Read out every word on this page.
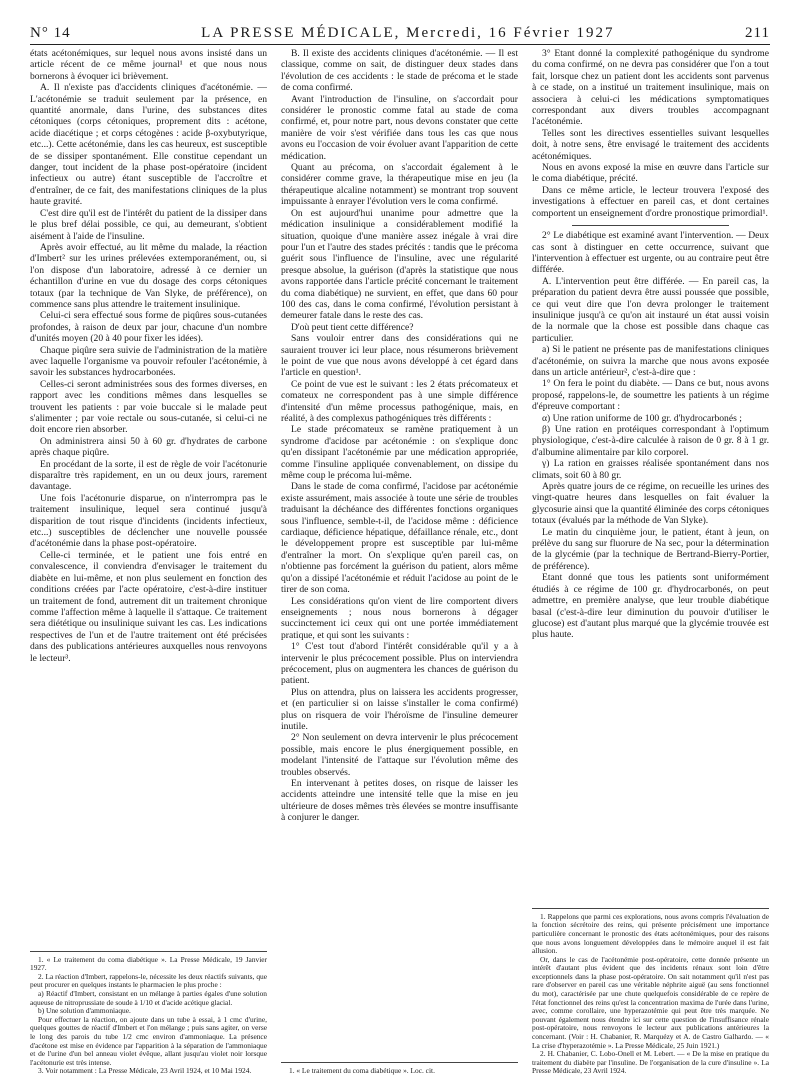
N° 14	LA PRESSE MÉDICALE, Mercredi, 16 Février 1927	211

états acétonémiques, sur lequel nous avons insisté dans un article récent de ce même journal¹ et que nous nous bornerons à évoquer ici brièvement.

A. Il n'existe pas d'accidents cliniques d'acétonémie. — L'acétonémie se traduit seulement par la présence, en quantité anormale, dans l'urine, des substances dites cétoniques (corps cétoniques, proprement dits : acétone, acide diacétique ; et corps cétogènes : acide β-oxybutyrique, etc...). Cette acétonémie, dans les cas heureux, est susceptible de se dissiper spontanément. Elle constitue cependant un danger, tout incident de la phase post-opératoire (incident infectieux ou autre) étant susceptible de l'accroître et d'entraîner, de ce fait, des manifestations cliniques de la plus haute gravité.

C'est dire qu'il est de l'intérêt du patient de la dissiper dans le plus bref délai possible, ce qui, au demeurant, s'obtient aisément à l'aide de l'insuline.

Après avoir effectué, au lit même du malade, la réaction d'Imbert² sur les urines prélevées extemporanément, ou, si l'on dispose d'un laboratoire, adressé à ce dernier un échantillon d'urine en vue du dosage des corps cétoniques totaux (par la technique de Van Slyke, de préférence), on commence sans plus attendre le traitement insulinique.

Celui-ci sera effectué sous forme de piqûres sous-cutanées profondes, à raison de deux par jour, chacune d'un nombre d'unités moyen (20 à 40 pour fixer les idées).

Chaque piqûre sera suivie de l'administration de la matière avec laquelle l'organisme va pouvoir refouler l'acétonémie, à savoir les substances hydrocarbonées.

Celles-ci seront administrées sous des formes diverses, en rapport avec les conditions mêmes dans lesquelles se trouvent les patients : par voie buccale si le malade peut s'alimenter ; par voie rectale ou sous-cutanée, si celui-ci ne doit encore rien absorber.

On administrera ainsi 50 à 60 gr. d'hydrates de carbone après chaque piqûre.

En procédant de la sorte, il est de règle de voir l'acétonurie disparaître très rapidement, en un ou deux jours, rarement davantage.

Une fois l'acétonurie disparue, on n'interrompra pas le traitement insulinique, lequel sera continué jusqu'à disparition de tout risque d'incidents (incidents infectieux, etc...) susceptibles de déclencher une nouvelle poussée d'acétonémie dans la phase post-opératoire.

Celle-ci terminée, et le patient une fois entré en convalescence, il conviendra d'envisager le traitement du diabète en lui-même, et non plus seulement en fonction des conditions créées par l'acte opératoire, c'est-à-dire instituer un traitement de fond, autrement dit un traitement chronique comme l'affection même à laquelle il s'attaque. Ce traitement sera diététique ou insulinique suivant les cas. Les indications respectives de l'un et de l'autre traitement ont été précisées dans des publications antérieures auxquelles nous renvoyons le lecteur³.

1. « Le traitement du coma diabétique ». La Presse Médicale, 19 Janvier 1927.

2. La réaction d'Imbert, rappelons-le, nécessite les deux réactifs suivants, que peut procurer en quelques instants le pharmacien le plus proche :

a) Réactif d'Imbert, consistant en un mélange à parties égales d'une solution aqueuse de nitroprussiate de soude à 1/10 et d'acide acétique glacial.

b) Une solution d'ammoniaque.

Pour effectuer la réaction, on ajoute dans un tube à essai, à 1 cmc d'urine, quelques gouttes de réactif d'Imbert et l'on mélange ; puis sans agiter, on verse le long des parois du tube 1/2 cmc environ d'ammoniaque. La présence d'acétone est mise en évidence par l'apparition à la séparation de l'ammoniaque et de l'urine d'un bel anneau violet évêque, allant jusqu'au violet noir lorsque l'acétonurie est très intense.

3. Voir notamment : La Presse Médicale, 23 Avril 1924, et 10 Mai 1924.

B. Il existe des accidents cliniques d'acétonémie. — Il est classique, comme on sait, de distinguer deux stades dans l'évolution de ces accidents : le stade de précoma et le stade de coma confirmé.

Avant l'introduction de l'insuline, on s'accordait pour considérer le pronostic comme fatal au stade de coma confirmé, et, pour notre part, nous devons constater que cette manière de voir s'est vérifiée dans tous les cas que nous avons eu l'occasion de voir évoluer avant l'apparition de cette médication.

Quant au précoma, on s'accordait également à le considérer comme grave, la thérapeutique mise en jeu (la thérapeutique alcaline notamment) se montrant trop souvent impuissante à enrayer l'évolution vers le coma confirmé.

On est aujourd'hui unanime pour admettre que la médication insulinique a considérablement modifié la situation, quoique d'une manière assez inégale à vrai dire pour l'un et l'autre des stades précités : tandis que le précoma guérit sous l'influence de l'insuline, avec une régularité presque absolue, la guérison (d'après la statistique que nous avons rapportée dans l'article précité concernant le traitement du coma diabétique) ne survient, en effet, que dans 60 pour 100 des cas, dans le coma confirmé, l'évolution persistant à demeurer fatale dans le reste des cas.

D'où peut tient cette différence?

Sans vouloir entrer dans des considérations qui ne sauraient trouver ici leur place, nous résumerons brièvement le point de vue que nous avons développé à cet égard dans l'article en question¹.

Ce point de vue est le suivant : les 2 états précomateux et comateux ne correspondent pas à une simple différence d'intensité d'un même processus pathogénique, mais, en réalité, à des complexus pathogéniques très différents :

Le stade précomateux se ramène pratiquement à un syndrome d'acidose par acétonémie : on s'explique donc qu'en dissipant l'acétonémie par une médication appropriée, comme l'insuline appliquée convenablement, on dissipe du même coup le précoma lui-même.

Dans le stade de coma confirmé, l'acidose par acétonémie existe assurément, mais associée à toute une série de troubles traduisant la déchéance des différentes fonctions organiques sous l'influence, semble-t-il, de l'acidose même : déficience cardiaque, déficience hépatique, défaillance rénale, etc., dont le développement propre est susceptible par lui-même d'entraîner la mort. On s'explique qu'en pareil cas, on n'obtienne pas forcément la guérison du patient, alors même qu'on a dissipé l'acétonémie et réduit l'acidose au point de le tirer de son coma.

Les considérations qu'on vient de lire comportent divers enseignements ; nous nous bornerons à dégager succinctement ici ceux qui ont une portée immédiatement pratique, et qui sont les suivants :

1° C'est tout d'abord l'intérêt considérable qu'il y a à intervenir le plus précocement possible. Plus on interviendra précocement, plus on augmentera les chances de guérison du patient.

Plus on attendra, plus on laissera les accidents progresser, et (en particulier si on laisse s'installer le coma confirmé) plus on risquera de voir l'héroïsme de l'insuline demeurer inutile.

2° Non seulement on devra intervenir le plus précocement possible, mais encore le plus énergiquement possible, en modelant l'intensité de l'attaque sur l'évolution même des troubles observés.

En intervenant à petites doses, on risque de laisser les accidents atteindre une intensité telle que la mise en jeu ultérieure de doses mêmes très élevées se montre insuffisante à conjurer le danger.

1. « Le traitement du coma diabétique ». Loc. cit.

3° Etant donné la complexité pathogénique du syndrome du coma confirmé, on ne devra pas considérer que l'on a tout fait, lorsque chez un patient dont les accidents sont parvenus à ce stade, on a institué un traitement insulinique, mais on associera à celui-ci les médications symptomatiques correspondant aux divers troubles accompagnant l'acétonémie.

Telles sont les directives essentielles suivant lesquelles doit, à notre sens, être envisagé le traitement des accidents acétonémiques.

Nous en avons exposé la mise en œuvre dans l'article sur le coma diabétique, précité.

Dans ce même article, le lecteur trouvera l'exposé des investigations à effectuer en pareil cas, et dont certaines comportent un enseignement d'ordre pronostique primordial¹.

2° Le diabétique est examiné avant l'intervention. — Deux cas sont à distinguer en cette occurrence, suivant que l'intervention à effectuer est urgente, ou au contraire peut être différée.

A. L'intervention peut être différée. — En pareil cas, la préparation du patient devra être aussi poussée que possible, ce qui veut dire que l'on devra prolonger le traitement insulinique jusqu'à ce qu'on ait instauré un état aussi voisin de la normale que la chose est possible dans chaque cas particulier.

a) Si le patient ne présente pas de manifestations cliniques d'acétonémie, on suivra la marche que nous avons exposée dans un article antérieur², c'est-à-dire que :

1° On fera le point du diabète. — Dans ce but, nous avons proposé, rappelons-le, de soumettre les patients à un régime d'épreuve comportant :

α) Une ration uniforme de 100 gr. d'hydrocarbonés ;

β) Une ration en protéiques correspondant à l'optimum physiologique, c'est-à-dire calculée à raison de 0 gr. 8 à 1 gr. d'albumine alimentaire par kilo corporel.

γ) La ration en graisses réalisée spontanément dans nos climats, soit 60 à 80 gr.

Après quatre jours de ce régime, on recueille les urines des vingt-quatre heures dans lesquelles on fait évaluer la glycosurie ainsi que la quantité éliminée des corps cétoniques totaux (évalués par la méthode de Van Slyke).

Le matin du cinquième jour, le patient, étant à jeun, on prélève du sang sur fluorure de Na sec, pour la détermination de la glycémie (par la technique de Bertrand-Bierry-Portier, de préférence).

Etant donné que tous les patients sont uniformément étudiés à ce régime de 100 gr. d'hydrocarbonés, on peut admettre, en première analyse, que leur trouble diabétique basal (c'est-à-dire leur diminution du pouvoir d'utiliser le glucose) est d'autant plus marqué que la glycémie trouvée est plus haute.

1. Rappelons que parmi ces explorations, nous avons compris l'évaluation de la fonction sécrétoire des reins, qui présente précisément une importance particulière concernant le pronostic des états acétonémiques, pour des raisons que nous avons longuement développées dans le mémoire auquel il est fait allusion.

Or, dans le cas de l'acétonémie post-opératoire, cette donnée présente un intérêt d'autant plus évident que des incidents rénaux sont loin d'être exceptionnels dans la phase post-opératoire. On sait notamment qu'il n'est pas rare d'observer en pareil cas une véritable néphrite aiguë (au sens fonctionnel du mot), caractérisée par une chute quelquefois considérable de ce repère de l'état fonctionnel des reins qu'est la concentration maxima de l'urée dans l'urine, avec, comme corollaire, une hyperazotémie qui peut être très marquée. Ne pouvant également nous étendre ici sur cette question de l'insuffisance rénale post-opératoire, nous renvoyons le lecteur aux publications antérieures la concernant. (Voir : H. Chabanier, R. Marquézy et A. de Castro Galhardo. — « La crise d'hyperazotémie ». La Presse Médicale, 25 Juin 1921.)

2. H. Chabanier, C. Lobo-Onell et M. Lebert. — « De la mise en pratique du traitement du diabète par l'insuline. De l'organisation de la cure d'insuline ». La Presse Médicale, 23 Avril 1924.
